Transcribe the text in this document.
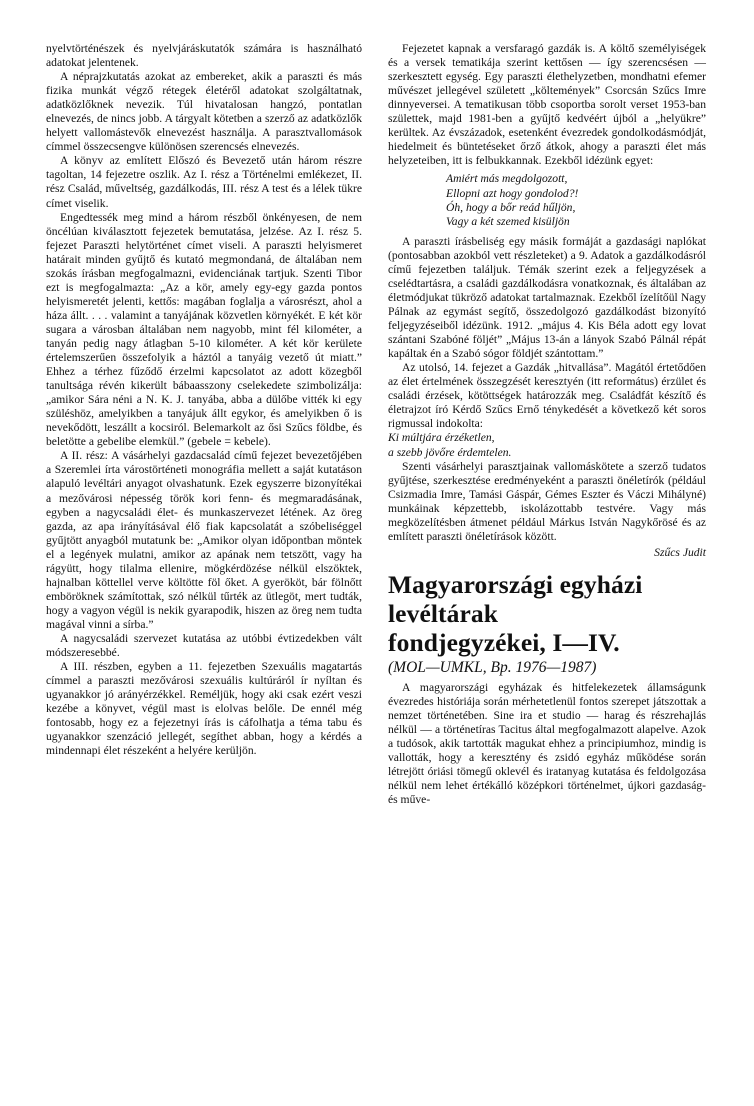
nyelvtörténészek és nyelvjáráskutatók számára is használható adatokat jelentenek.

A néprajzkutatás azokat az embereket, akik a paraszti és más fizika munkát végző rétegek életéről adatokat szolgáltatnak, adatközlőknek nevezik. Túl hivatalosan hangzó, pontatlan elnevezés, de nincs jobb. A tárgyalt kötetben a szerző az adatközlők helyett vallomástevők elnevezést használja. A parasztvallomások címmel összecsengve különösen szerencsés elnevezés.

A könyv az említett Előszó és Bevezető után három részre tagoltan, 14 fejezetre oszlik. Az I. rész a Történelmi emlékezet, II. rész Család, műveltség, gazdálkodás, III. rész A test és a lélek tükre címet viselik.

Engedtessék meg mind a három részből önkényesen, de nem öncélúan kiválasztott fejezetek bemutatása, jelzése. Az I. rész 5. fejezet Paraszti helytörténet címet viseli. A paraszti helyismeret határait minden gyűjtő és kutató megmondaná, de általában nem szokás írásban megfogalmazni, evidenciának tartjuk. Szenti Tibor ezt is megfogalmazta: „Az a kör, amely egy-egy gazda pontos helyismeretét jelenti, kettős: magában foglalja a városrészt, ahol a háza állt. . . . valamint a tanyájának közvetlen környékét. E két kör sugara a városban általában nem nagyobb, mint fél kilométer, a tanyán pedig nagy átlagban 5-10 kilométer. A két kör kerülete értelemszerűen összefolyik a háztól a tanyáig vezető út miatt.” Ehhez a térhez fűződő érzelmi kapcsolatot az adott közegből tanultsága révén kikerült bábaasszony cselekedete szimbolizálja: „amikor Sára néni a N. K. J. tanyába, abba a dülőbe vitték ki egy szüléshöz, amelyikben a tanyájuk állt egykor, és amelyikben ő is nevekődött, leszállt a kocsiról. Belemarkolt az ősi Szűcs földbe, és beletötte a gebelibe elemkül.” (gebele = kebele).

A II. rész: A vásárhelyi gazdacsalád című fejezet bevezetőjében a Szeremlei írta várostörténeti monográfia mellett a saját kutatáson alapuló levéltári anyagot olvashatunk. Ezek egyszerre bizonyítékai a mezővárosi népesség török kori fenn- és megmaradásának, egyben a nagycsaládi élet- és munkaszervezet létének. Az öreg gazda, az apa irányításával élő fiak kapcsolatát a szóbeliséggel gyűjtött anyagból mutatunk be: „Amikor olyan időpontban möntek el a legények mulatni, amikor az apának nem tetszött, vagy ha rágyütt, hogy tilalma ellenire, mögkérdözése nélkül elszöktek, hajnalban köttellel verve költötte föl őket. A gyerököt, bár fölnőtt emböröknek számítottak, szó nélkül tűrték az ütlegöt, mert tudták, hogy a vagyon végül is nekik gyarapodik, hiszen az öreg nem tudta magával vinni a sírba.”

A nagycsaládi szervezet kutatása az utóbbi évtizedekben vált módszeresebbé.

A III. részben, egyben a 11. fejezetben Szexuális magatartás címmel a paraszti mezővárosi szexuális kultúráról ír nyíltan és ugyanakkor jó arányérzékkel. Reméljük, hogy aki csak ezért veszi kezébe a könyvet, végül mast is elolvas belőle. De ennél még fontosabb, hogy ez a fejezetnyi írás is cáfolhatja a téma tabu és ugyanakkor szenzáció jellegét, segíthet abban, hogy a kérdés a mindennapi élet részeként a helyére kerüljön.

Fejezetet kapnak a versfaragó gazdák is. A költő személyiségek és a versek tematikája szerint kettősen — így szerencsésen — szerkesztett egység. Egy paraszti élethelyzetben, mondhatni efemer művészet jellegével született „költemények” Csorcsán Szűcs Imre dinnyeversei. A tematikusan több csoportba sorolt verset 1953-ban születtek, majd 1981-ben a gyűjtő kedvéért újból a „helyükre” kerültek. Az évszázadok, esetenként évezredek gondolkodásmódját, hiedelmeit és büntetéseket őrző átkok, ahogy a paraszti élet más helyzeteiben, itt is felbukkannak. Ezekből idézünk egyet:

Amiért más megdolgozott,
Ellopni azt hogy gondolod?!
Óh, hogy a bőr reád hűljön,
Vagy a két szemed kisüljön

A paraszti írásbeliség egy másik formáját a gazdasági naplókat (pontosabban azokból vett részleteket) a 9. Adatok a gazdálkodásról című fejezetben találjuk. Témák szerint ezek a feljegyzések a cselédtartásra, a családi gazdálkodásra vonatkoznak, és általában az életmódjukat tükröző adatokat tartalmaznak. Ezekből ízelítőül Nagy Pálnak az egymást segítő, összedolgozó gazdálkodást bizonyító feljegyzéseiből idézünk. 1912. „május 4. Kis Béla adott egy lovat szántani Szabóné följét” „Május 13-án a lányok Szabó Pálnál répát kapáltak én a Szabó sógor földjét szántottam.”

Az utolsó, 14. fejezet a Gazdák „hitvallása”. Magától értetődően az élet értelmének összegzését keresztyén (itt református) érzület és családi érzések, kötöttségek határozzák meg. Családfát készítő és életrajzot író Kérdő Szűcs Ernő ténykedését a következő két soros rigmussal indokolta:

Ki múltjára érzéketlen,
a szebb jövőre érdemtelen.

Szenti vásárhelyi parasztjainak vallomáskötete a szerző tudatos gyűjtése, szerkesztése eredményeként a paraszti önéletírók (például Csizmadia Imre, Tamási Gáspár, Gémes Eszter és Váczi Mihályné) munkáinak képzettebb, iskolázottabb testvére. Vagy más megközelítésben átmenet például Márkus István Nagykőrösé és az említett paraszti önéletírások között.

Szűcs Judit
Magyarországi egyházi
levéltárak
fondjegyzékei, I—IV.
(MOL—UMKL, Bp. 1976—1987)

A magyarországi egyházak és hitfelekezetek államságunk évezredes históriája során mérhetetlenül fontos szerepet játszottak a nemzet történetében. Sine ira et studio — harag és részrehajlás nélkül — a történetíras Tacitus által megfogalmazott alapelve. Azok a tudósok, akik tartották magukat ehhez a principiumhoz, mindig is vallották, hogy a keresztény és zsidó egyház működése során létrejött óriási tömegű oklevél és iratanyag kutatása és feldolgozása nélkül nem lehet értékálló középkori történelmet, újkori gazdaság- és műve-
